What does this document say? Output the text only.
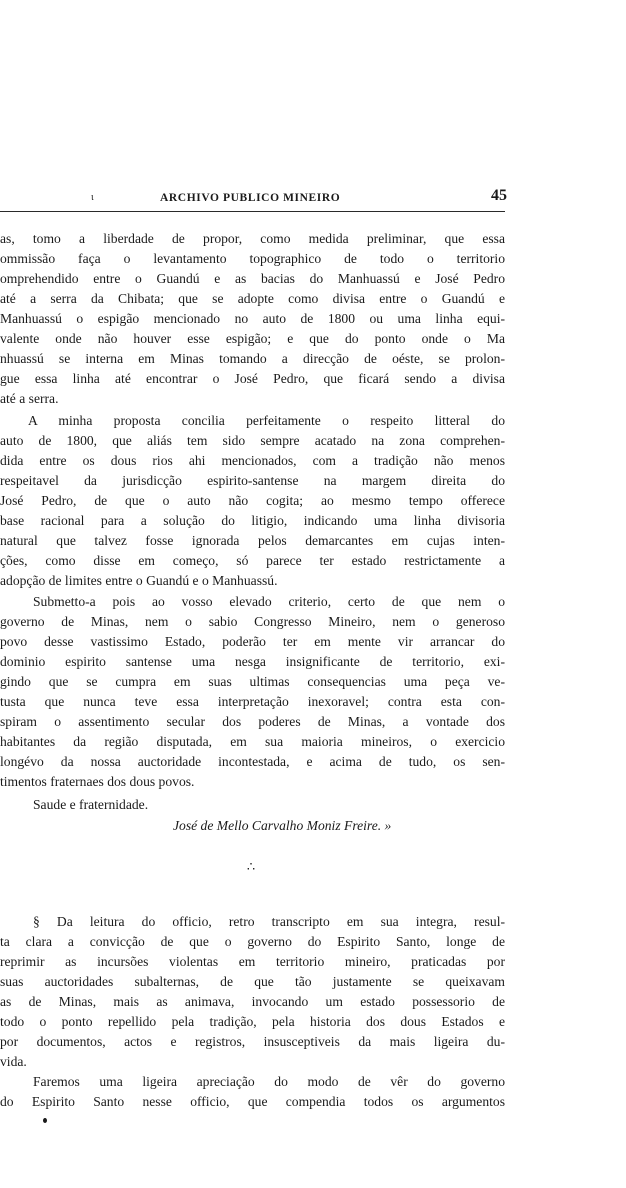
ι	ARCHIVO PUBLICO MINEIRO	45
as, tomo a liberdade de propor, como medida preliminar, que essa
ommissão faça o levantamento topographico de todo o territorio
omprehendido entre o Guandú e as bacias do Manhuassú e José Pedro
até a serra da Chibata; que se adopte como divisa entre o Guandú e
Manhuassú o espigão mencionado no auto de 1800 ou uma linha equi-
valente onde não houver esse espigão; e que do ponto onde o Ma
nhuassú se interna em Minas tomando a direcção de oéste, se prolon-
gue essa linha até encontrar o José Pedro, que ficará sendo a divisa
até a serra.
A minha proposta concilia perfeitamente o respeito litteral do
auto de 1800, que aliás tem sido sempre acatado na zona comprehen-
dida entre os dous rios ahi mencionados, com a tradição não menos
respeitavel da jurisdicção espirito-santense na margem direita do
José Pedro, de que o auto não cogita; ao mesmo tempo offerece
base racional para a solução do litigio, indicando uma linha divisoria
natural que talvez fosse ignorada pelos demarcantes em cujas inten-
ções, como disse em começo, só parece ter estado restrictamente a
adopção de limites entre o Guandú e o Manhuassú.
Submetto-a pois ao vosso elevado criterio, certo de que nem o
governo de Minas, nem o sabio Congresso Mineiro, nem o generoso
povo desse vastissimo Estado, poderão ter em mente vir arrancar do
dominio espirito santense uma nesga insignificante de territorio, exi-
gindo que se cumpra em suas ultimas consequencias uma peça ve-
tusta que nunca teve essa interpretação inexoravel; contra esta con-
spiram o assentimento secular dos poderes de Minas, a vontade dos
habitantes da região disputada, em sua maioria mineiros, o exercicio
longévo da nossa auctoridade incontestada, e acima de tudo, os sen-
timentos fraternaes dos dous povos.
Saude e fraternidade.
José de Mello Carvalho Moniz Freire. »
∴
§ Da leitura do officio, retro transcripto em sua integra, resul-
ta clara a convicção de que o governo do Espirito Santo, longe de
reprimir as incursões violentas em territorio mineiro, praticadas por
suas auctoridades subalternas, de que tão justamente se queixavam
as de Minas, mais as animava, invocando um estado possessorio de
todo o ponto repellido pela tradição, pela historia dos dous Estados e
por documentos, actos e registros, insusceptiveis da mais ligeira du-
vida.
Faremos uma ligeira apreciação do modo de vêr do governo
do Espirito Santo nesse officio, que compendia todos os argumentos
